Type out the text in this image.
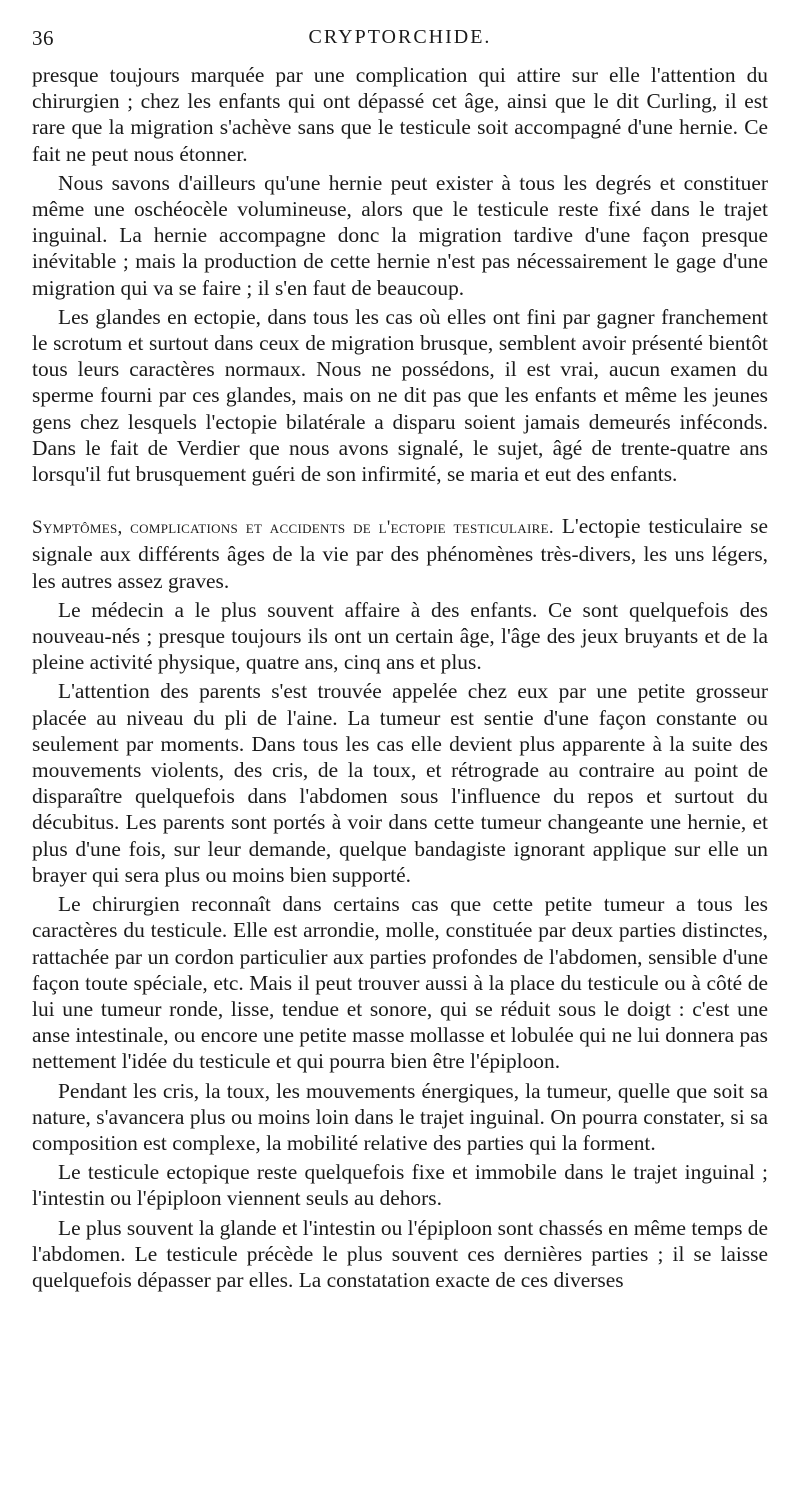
36	CRYPTORCHIDE.

presque toujours marquée par une complication qui attire sur elle l'attention du chirurgien ; chez les enfants qui ont dépassé cet âge, ainsi que le dit Curling, il est rare que la migration s'achève sans que le testicule soit accompagné d'une hernie. Ce fait ne peut nous étonner.

Nous savons d'ailleurs qu'une hernie peut exister à tous les degrés et constituer même une oschéocèle volumineuse, alors que le testicule reste fixé dans le trajet inguinal. La hernie accompagne donc la migration tardive d'une façon presque inévitable ; mais la production de cette hernie n'est pas nécessairement le gage d'une migration qui va se faire ; il s'en faut de beaucoup.

Les glandes en ectopie, dans tous les cas où elles ont fini par gagner franchement le scrotum et surtout dans ceux de migration brusque, semblent avoir présenté bientôt tous leurs caractères normaux. Nous ne possédons, il est vrai, aucun examen du sperme fourni par ces glandes, mais on ne dit pas que les enfants et même les jeunes gens chez lesquels l'ectopie bilatérale a disparu soient jamais demeurés inféconds. Dans le fait de Verdier que nous avons signalé, le sujet, âgé de trente-quatre ans lorsqu'il fut brusquement guéri de son infirmité, se maria et eut des enfants.

Symptômes, complications et accidents de l'ectopie testiculaire. L'ectopie testiculaire se signale aux différents âges de la vie par des phénomènes très-divers, les uns légers, les autres assez graves.

Le médecin a le plus souvent affaire à des enfants. Ce sont quelquefois des nouveau-nés ; presque toujours ils ont un certain âge, l'âge des jeux bruyants et de la pleine activité physique, quatre ans, cinq ans et plus.

L'attention des parents s'est trouvée appelée chez eux par une petite grosseur placée au niveau du pli de l'aine. La tumeur est sentie d'une façon constante ou seulement par moments. Dans tous les cas elle devient plus apparente à la suite des mouvements violents, des cris, de la toux, et rétrograde au contraire au point de disparaître quelquefois dans l'abdomen sous l'influence du repos et surtout du décubitus. Les parents sont portés à voir dans cette tumeur changeante une hernie, et plus d'une fois, sur leur demande, quelque bandagiste ignorant applique sur elle un brayer qui sera plus ou moins bien supporté.

Le chirurgien reconnaît dans certains cas que cette petite tumeur a tous les caractères du testicule. Elle est arrondie, molle, constituée par deux parties distinctes, rattachée par un cordon particulier aux parties profondes de l'abdomen, sensible d'une façon toute spéciale, etc. Mais il peut trouver aussi à la place du testicule ou à côté de lui une tumeur ronde, lisse, tendue et sonore, qui se réduit sous le doigt : c'est une anse intestinale, ou encore une petite masse mollasse et lobulée qui ne lui donnera pas nettement l'idée du testicule et qui pourra bien être l'épiploon.

Pendant les cris, la toux, les mouvements énergiques, la tumeur, quelle que soit sa nature, s'avancera plus ou moins loin dans le trajet inguinal. On pourra constater, si sa composition est complexe, la mobilité relative des parties qui la forment.

Le testicule ectopique reste quelquefois fixe et immobile dans le trajet inguinal ; l'intestin ou l'épiploon viennent seuls au dehors.

Le plus souvent la glande et l'intestin ou l'épiploon sont chassés en même temps de l'abdomen. Le testicule précède le plus souvent ces dernières parties ; il se laisse quelquefois dépasser par elles. La constatation exacte de ces diverses
